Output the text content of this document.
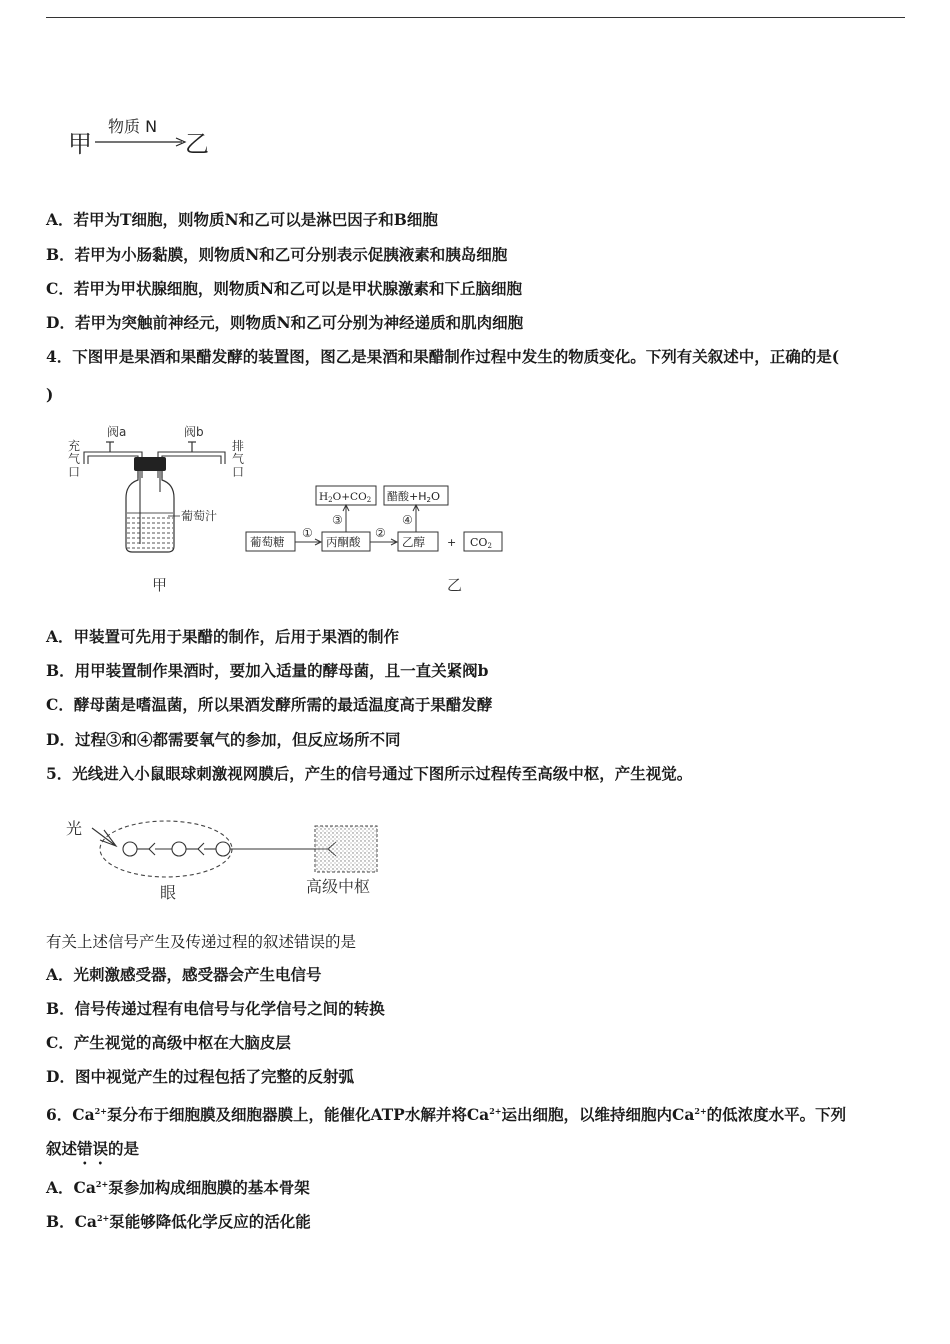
甲
物质 N
乙
A．若甲为T细胞，则物质N和乙可以是淋巴因子和B细胞
B．若甲为小肠黏膜，则物质N和乙可分别表示促胰液素和胰岛细胞
C．若甲为甲状腺细胞，则物质N和乙可以是甲状腺激素和下丘脑细胞
D．若甲为突触前神经元，则物质N和乙可分别为神经递质和肌肉细胞
4．下图甲是果酒和果醋发酵的装置图，图乙是果酒和果醋制作过程中发生的物质变化。下列有关叙述中，正确的是(
)
充
气
口
排
气
口
阀a	阀b
葡萄汁
甲
葡萄糖	丙酮酸	乙醇 + CO2
H2O+CO2 醋酸+H2O
①	②
③	④
乙
A．甲装置可先用于果醋的制作，后用于果酒的制作
B．用甲装置制作果酒时，要加入适量的酵母菌，且一直关紧阀b
C．酵母菌是嗜温菌，所以果酒发酵所需的最适温度高于果醋发酵
D．过程③和④都需要氧气的参加，但反应场所不同
5．光线进入小鼠眼球刺激视网膜后，产生的信号通过下图所示过程传至高级中枢，产生视觉。
光
眼	高级中枢
有关上述信号产生及传递过程的叙述错误的是
A．光刺激感受器，感受器会产生电信号
B．信号传递过程有电信号与化学信号之间的转换
C．产生视觉的高级中枢在大脑皮层
D．图中视觉产生的过程包括了完整的反射弧
6．$Ca^{2+}$泵分布于细胞膜及细胞器膜上，能催化ATP水解并将$Ca^{2+}$运出细胞，以维持细胞内$Ca^{2+}$的低浓度水平。下列
叙述错误的是
A．$Ca^{2+}$泵参加构成细胞膜的基本骨架
B．$Ca^{2+}$泵能够降低化学反应的活化能
